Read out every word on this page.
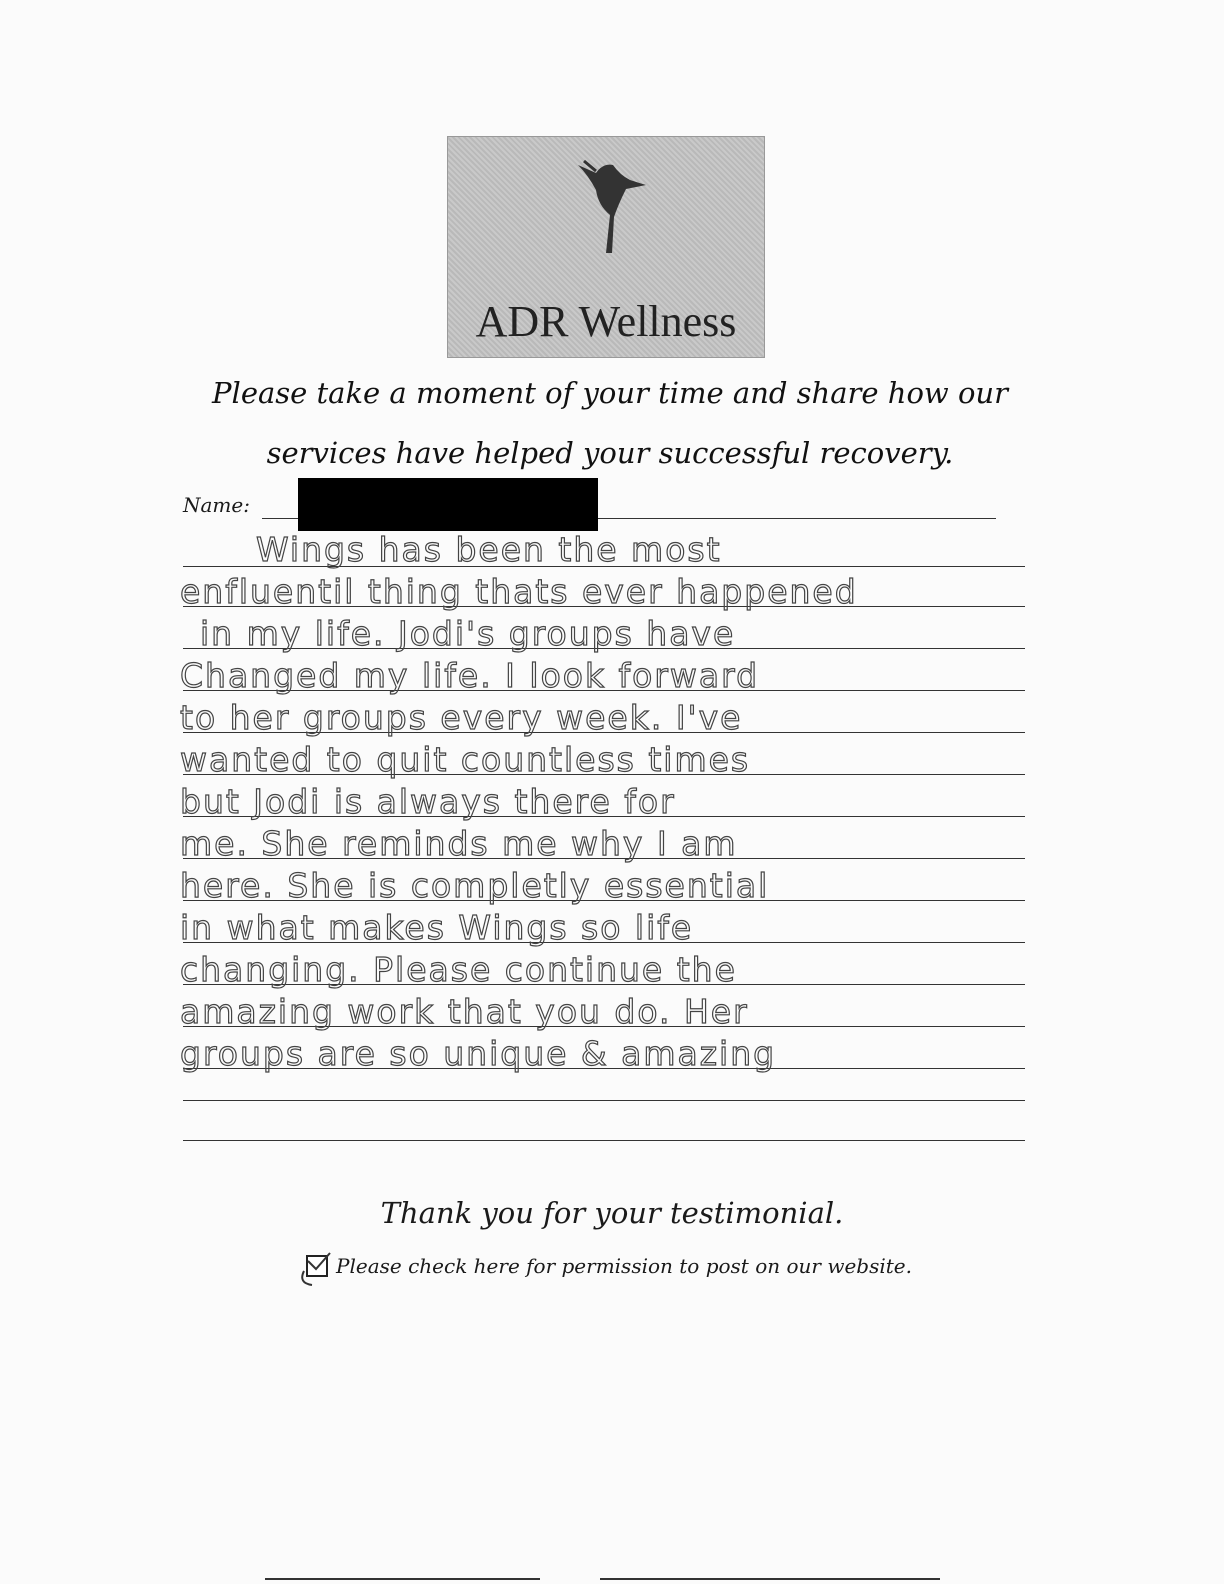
ADR Wellness
Please take a moment of your time and share how our
services have helped your successful recovery.
Name:
Wings has been the most
enfluentil thing thats ever happened
in my life. Jodi's groups have
Changed my life. I look forward
to her groups every week. I've
wanted to quit countless times
but Jodi is always there for
me. She reminds me why I am
here. She is completly essential
in what makes Wings so life
changing. Please continue the
amazing work that you do. Her
groups are so unique & amazing
Thank you for your testimonial.
Please check here for permission to post on our website.
